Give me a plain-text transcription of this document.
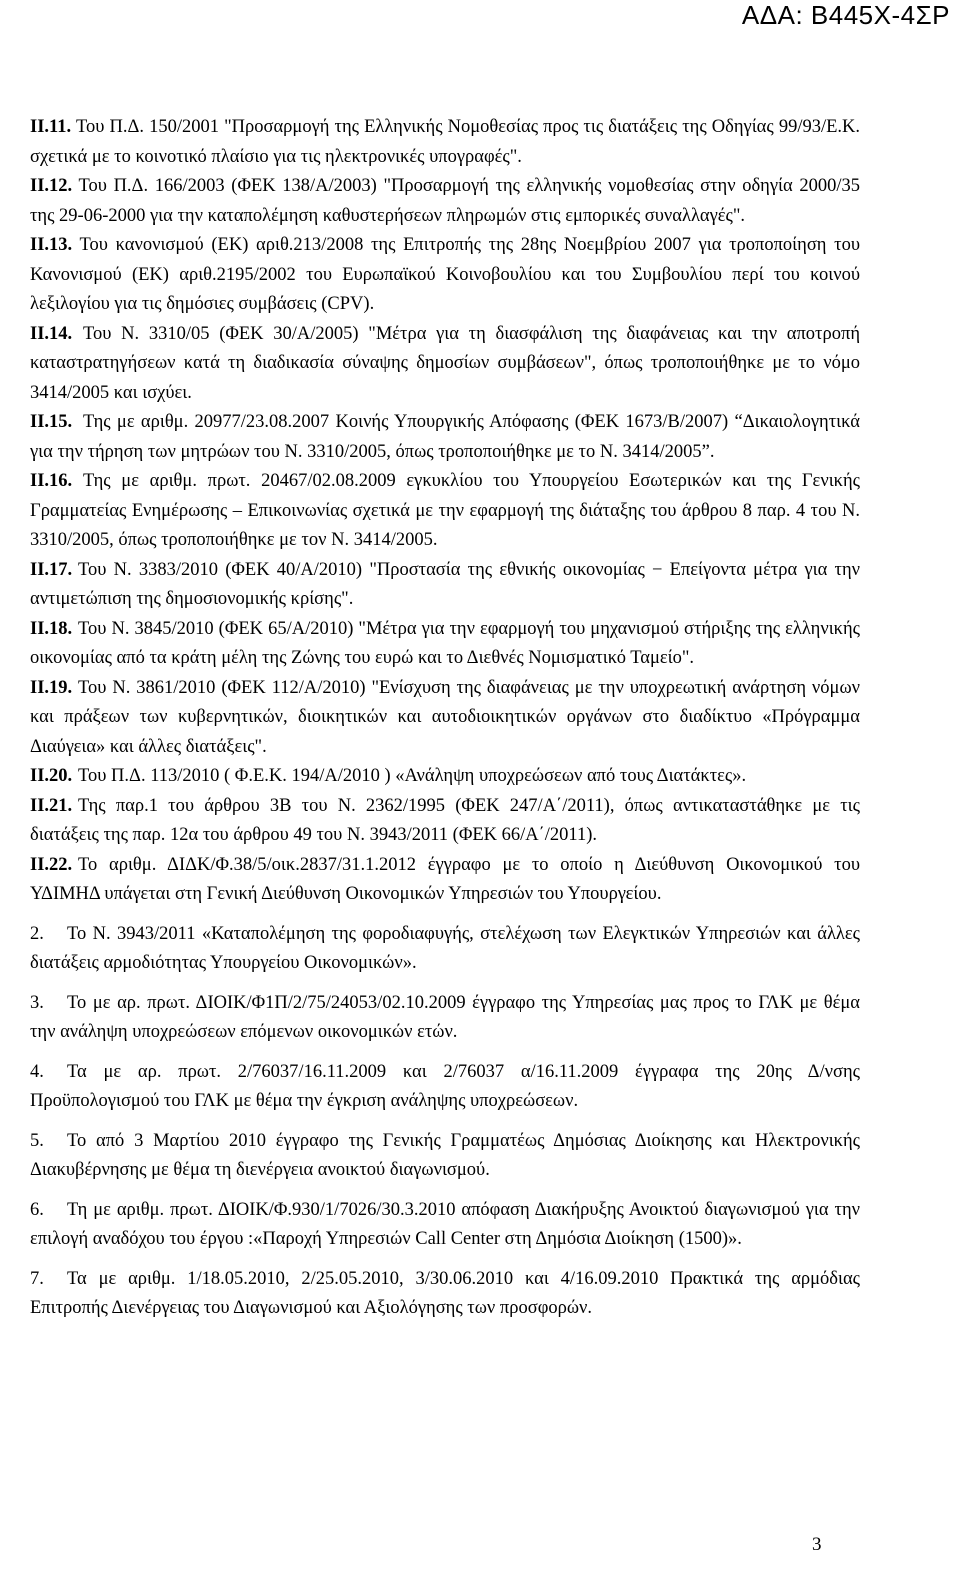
ΑΔΑ: Β445Χ-4ΣΡ

ΙΙ.11. Του Π.Δ. 150/2001 "Προσαρμογή της Ελληνικής Νομοθεσίας προς τις διατάξεις της Οδηγίας 99/93/Ε.Κ. σχετικά με το κοινοτικό πλαίσιο για τις ηλεκτρονικές υπογραφές".

ΙΙ.12. Του Π.Δ. 166/2003 (ΦΕΚ 138/Α/2003) "Προσαρμογή της ελληνικής νομοθεσίας στην οδηγία 2000/35 της 29-06-2000 για την καταπολέμηση καθυστερήσεων πληρωμών στις εμπορικές συναλλαγές".

ΙΙ.13. Του κανονισμού (ΕΚ) αριθ.213/2008 της Επιτροπής της 28ης Νοεμβρίου 2007 για τροποποίηση του Κανονισμού (ΕΚ) αριθ.2195/2002 του Ευρωπαϊκού Κοινοβουλίου και του Συμβουλίου περί του κοινού λεξιλογίου για τις δημόσιες συμβάσεις (CPV).

ΙΙ.14. Του Ν. 3310/05 (ΦΕΚ 30/Α/2005) "Μέτρα για τη διασφάλιση της διαφάνειας και την αποτροπή καταστρατηγήσεων κατά τη διαδικασία σύναψης δημοσίων συμβάσεων", όπως τροποποιήθηκε με το νόμο 3414/2005 και ισχύει.

ΙΙ.15. Της με αριθμ. 20977/23.08.2007 Κοινής Υπουργικής Απόφασης (ΦΕΚ 1673/Β/2007) “Δικαιολογητικά για την τήρηση των μητρώων του Ν. 3310/2005, όπως τροποποιήθηκε με το Ν. 3414/2005”.

ΙΙ.16. Της με αριθμ. πρωτ. 20467/02.08.2009 εγκυκλίου του Υπουργείου Εσωτερικών και της Γενικής Γραμματείας Ενημέρωσης – Επικοινωνίας σχετικά με την εφαρμογή της διάταξης του άρθρου 8 παρ. 4 του Ν. 3310/2005, όπως τροποποιήθηκε με τον Ν. 3414/2005.

ΙΙ.17. Του Ν. 3383/2010 (ΦΕΚ 40/Α/2010) "Προστασία της εθνικής οικονομίας − Επείγοντα μέτρα για την αντιμετώπιση της δημοσιονομικής κρίσης".

ΙΙ.18. Του Ν. 3845/2010 (ΦΕΚ 65/Α/2010) "Μέτρα για την εφαρμογή του μηχανισμού στήριξης της ελληνικής οικονομίας από τα κράτη μέλη της Ζώνης του ευρώ και το Διεθνές Νομισματικό Ταμείο".

ΙΙ.19. Του Ν. 3861/2010 (ΦΕΚ 112/Α/2010) "Ενίσχυση της διαφάνειας με την υποχρεωτική ανάρτηση νόμων και πράξεων των κυβερνητικών, διοικητικών και αυτοδιοικητικών οργάνων στο διαδίκτυο «Πρόγραμμα Διαύγεια» και άλλες διατάξεις".

ΙΙ.20. Του Π.Δ. 113/2010 ( Φ.Ε.Κ. 194/Α/2010 ) «Ανάληψη υποχρεώσεων από τους Διατάκτες».

ΙΙ.21. Της παρ.1 του άρθρου 3Β του Ν. 2362/1995 (ΦΕΚ 247/Α΄/2011), όπως αντικαταστάθηκε με τις διατάξεις της παρ. 12α του άρθρου 49 του Ν. 3943/2011 (ΦΕΚ 66/Α΄/2011).

ΙΙ.22. Το αριθμ. ΔΙΔΚ/Φ.38/5/οικ.2837/31.1.2012 έγγραφο με το οποίο η Διεύθυνση Οικονομικού του ΥΔΙΜΗΔ υπάγεται στη Γενική Διεύθυνση Οικονομικών Υπηρεσιών του Υπουργείου.

2. Το Ν. 3943/2011 «Καταπολέμηση της φοροδιαφυγής, στελέχωση των Ελεγκτικών Υπηρεσιών και άλλες διατάξεις αρμοδιότητας Υπουργείου Οικονομικών».

3. Το με αρ. πρωτ. ΔΙΟΙΚ/Φ1Π/2/75/24053/02.10.2009 έγγραφο της Υπηρεσίας μας προς το ΓΛΚ με θέμα την ανάληψη υποχρεώσεων επόμενων οικονομικών ετών.

4. Τα με αρ. πρωτ. 2/76037/16.11.2009 και 2/76037 α/16.11.2009 έγγραφα της 20ης Δ/νσης Προϋπολογισμού του ΓΛΚ με θέμα την έγκριση ανάληψης υποχρεώσεων.

5. Το από 3 Μαρτίου 2010 έγγραφο της Γενικής Γραμματέως Δημόσιας Διοίκησης και Ηλεκτρονικής Διακυβέρνησης με θέμα τη διενέργεια ανοικτού διαγωνισμού.

6. Τη με αριθμ. πρωτ. ΔΙΟΙΚ/Φ.930/1/7026/30.3.2010 απόφαση Διακήρυξης Ανοικτού διαγωνισμού για την επιλογή αναδόχου του έργου :«Παροχή Υπηρεσιών Call Center στη Δημόσια Διοίκηση (1500)».

7. Τα με αριθμ. 1/18.05.2010, 2/25.05.2010, 3/30.06.2010 και 4/16.09.2010 Πρακτικά της αρμόδιας Επιτροπής Διενέργειας του Διαγωνισμού και Αξιολόγησης των προσφορών.

3
